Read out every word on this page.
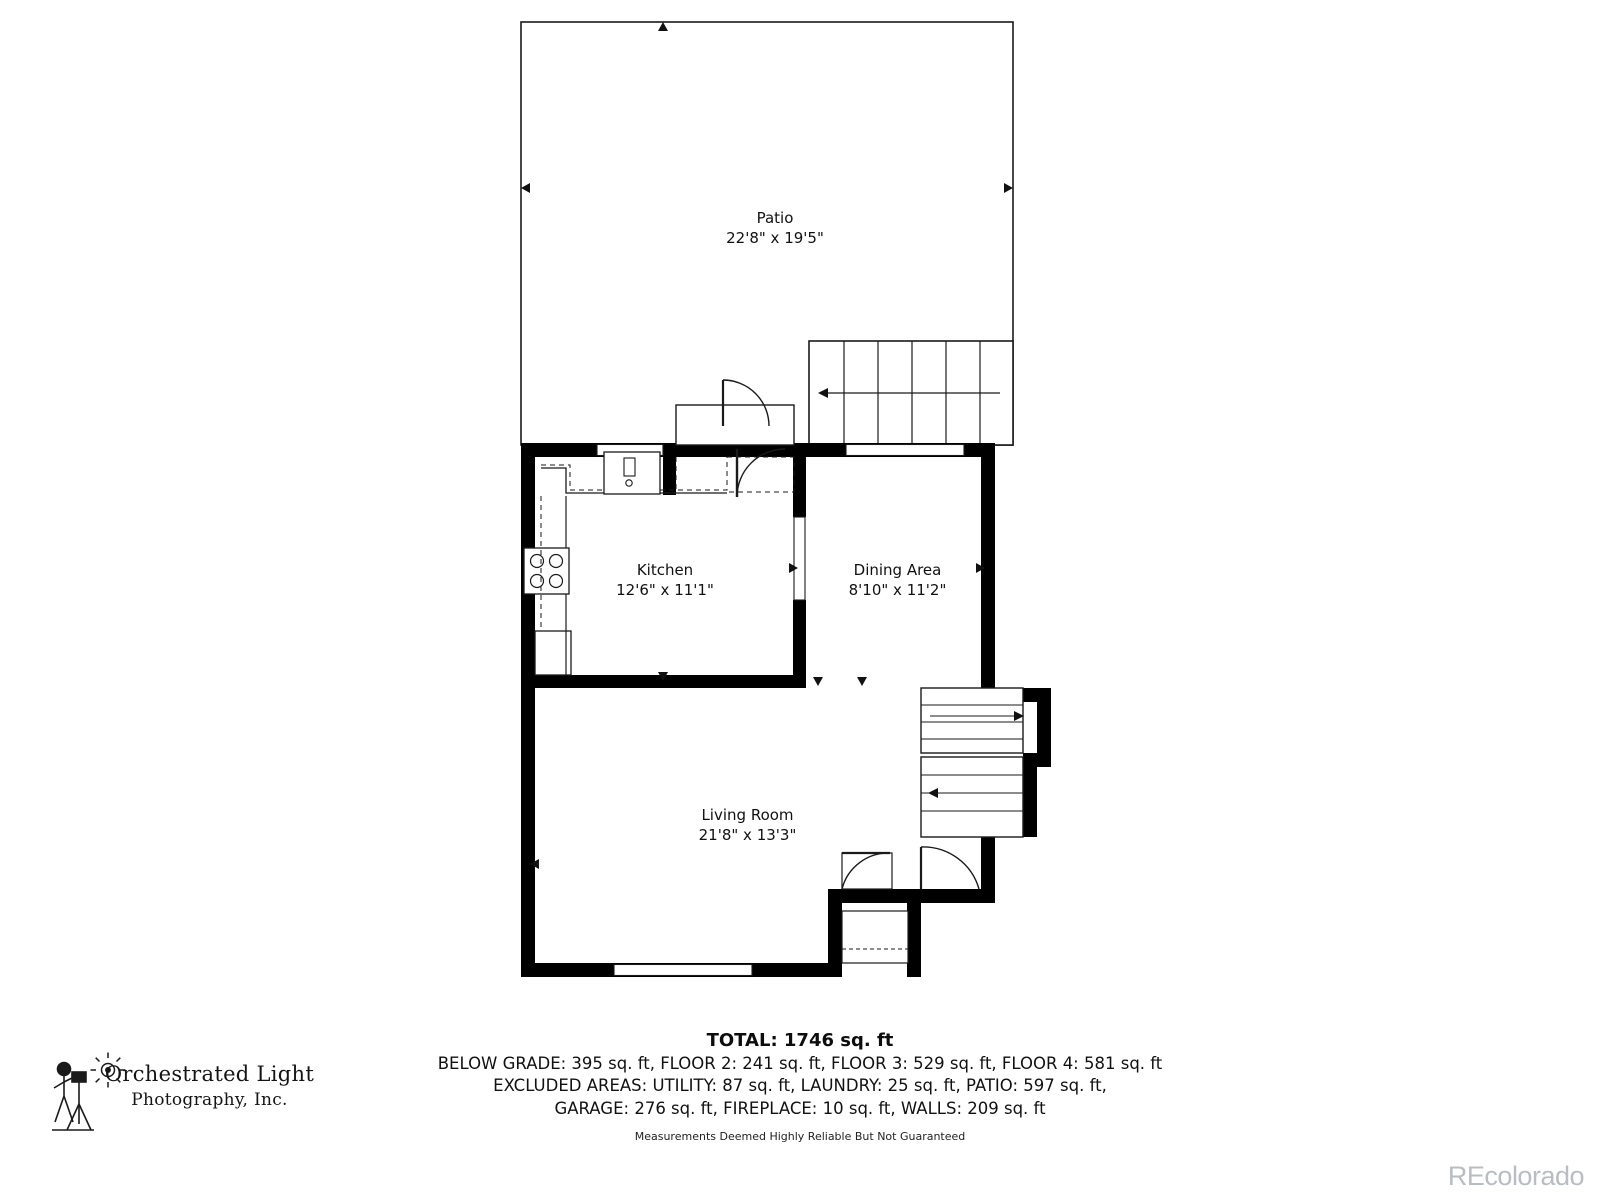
Patio
22'8" x 19'5"
Kitchen
12'6" x 11'1"
Dining Area
8'10" x 11'2"
Living Room
21'8" x 13'3"
TOTAL: 1746 sq. ft
BELOW GRADE: 395 sq. ft, FLOOR 2: 241 sq. ft, FLOOR 3: 529 sq. ft, FLOOR 4: 581 sq. ft
EXCLUDED AREAS: UTILITY: 87 sq. ft, LAUNDRY: 25 sq. ft, PATIO: 597 sq. ft,
GARAGE: 276 sq. ft, FIREPLACE: 10 sq. ft, WALLS: 209 sq. ft
Measurements Deemed Highly Reliable But Not Guaranteed
Orchestrated Light
Photography, Inc.
REcolorado
